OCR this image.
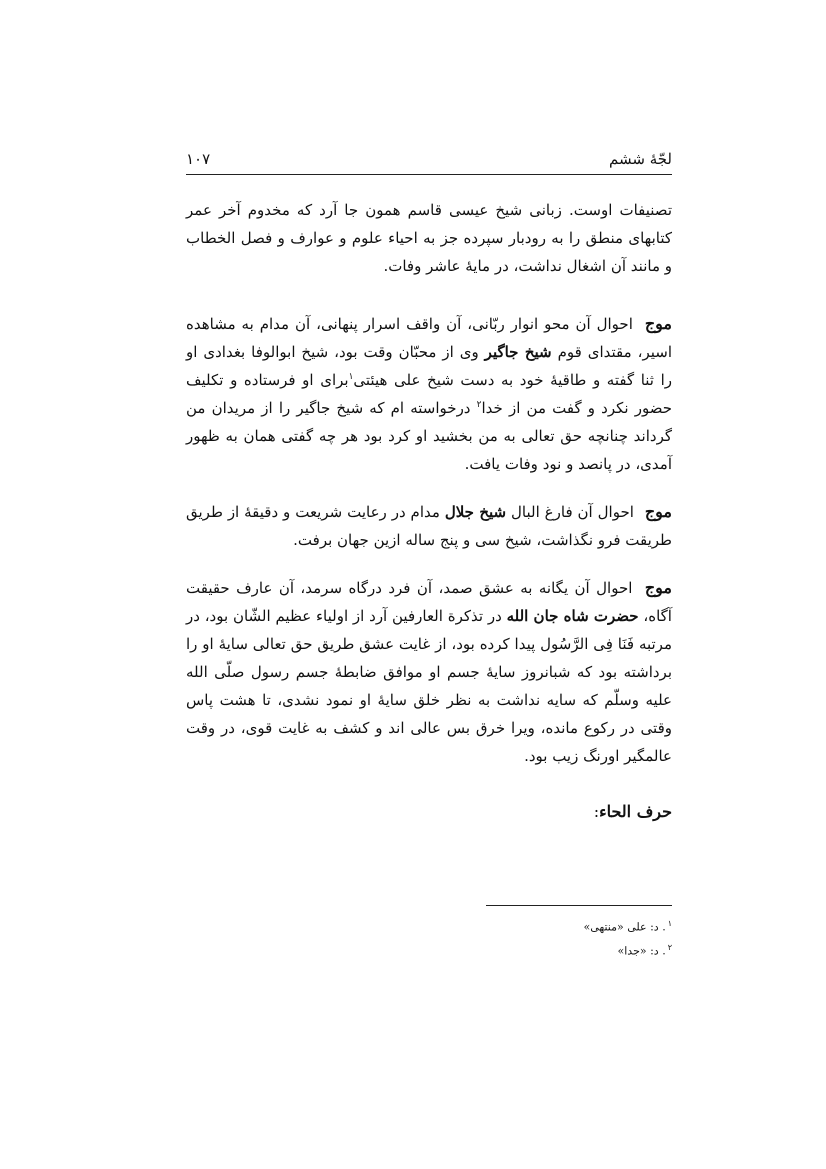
لجّهٔ ششم
۱۰۷

تصنیفات اوست. زبانی شیخ عیسی قاسم همون جا آرد که مخدوم آخر عمر کتابهای منطق را به رودبار سپرده جز به احیاء علوم و عوارف و فصل الخطاب و مانند آن اشغال نداشت، در مایهٔ عاشر وفات.

موج احوال آن محو انوار ربّانی، آن واقف اسرار پنهانی، آن مدام به مشاهده اسیر، مقتدای قوم شیخ جاگیر وی از محبّان وقت بود، شیخ ابوالوفا بغدادی او را ثنا گفته و طاقیهٔ خود به دست شیخ علی هیئتی$^۱$برای او فرستاده و تکلیف حضور نکرد و گفت من از خدا$^۲$ درخواسته ام که شیخ جاگیر را از مریدان من گرداند چنانچه حق تعالی به من بخشید او کرد بود هر چه گفتی همان به ظهور آمدی، در پانصد و نود وفات یافت.

موج احوال آن فارغ البال شیخ جلال مدام در رعایت شریعت و دقیقهٔ از طریق طریقت فرو نگذاشت، شیخ سی و پنج ساله ازین جهان برفت.

موج احوال آن یگانه به عشق صمد، آن فرد درگاه سرمد، آن عارف حقیقت آگاه، حضرت شاه جان الله در تذکرة العارفین آرد از اولیاء عظیم الشّان بود، در مرتبه فَنَا فِی الرَّسُول پیدا کرده بود، از غایت عشق طریق حق تعالی سایهٔ او را برداشته بود که شبانروز سایهٔ جسم او موافق ضابطهٔ جسم رسول صلّی الله علیه وسلّم که سایه نداشت به نظر خلق سایهٔ او نمود نشدی، تا هشت پاس وقتی در رکوع مانده، ویرا خرق بس عالی اند و کشف به غایت قوی، در وقت عالمگیر اورنگ زیب بود.

حرف الحاء:

$^۱$. د: علی «منتهی»

$^۲$. د: «جدا»
